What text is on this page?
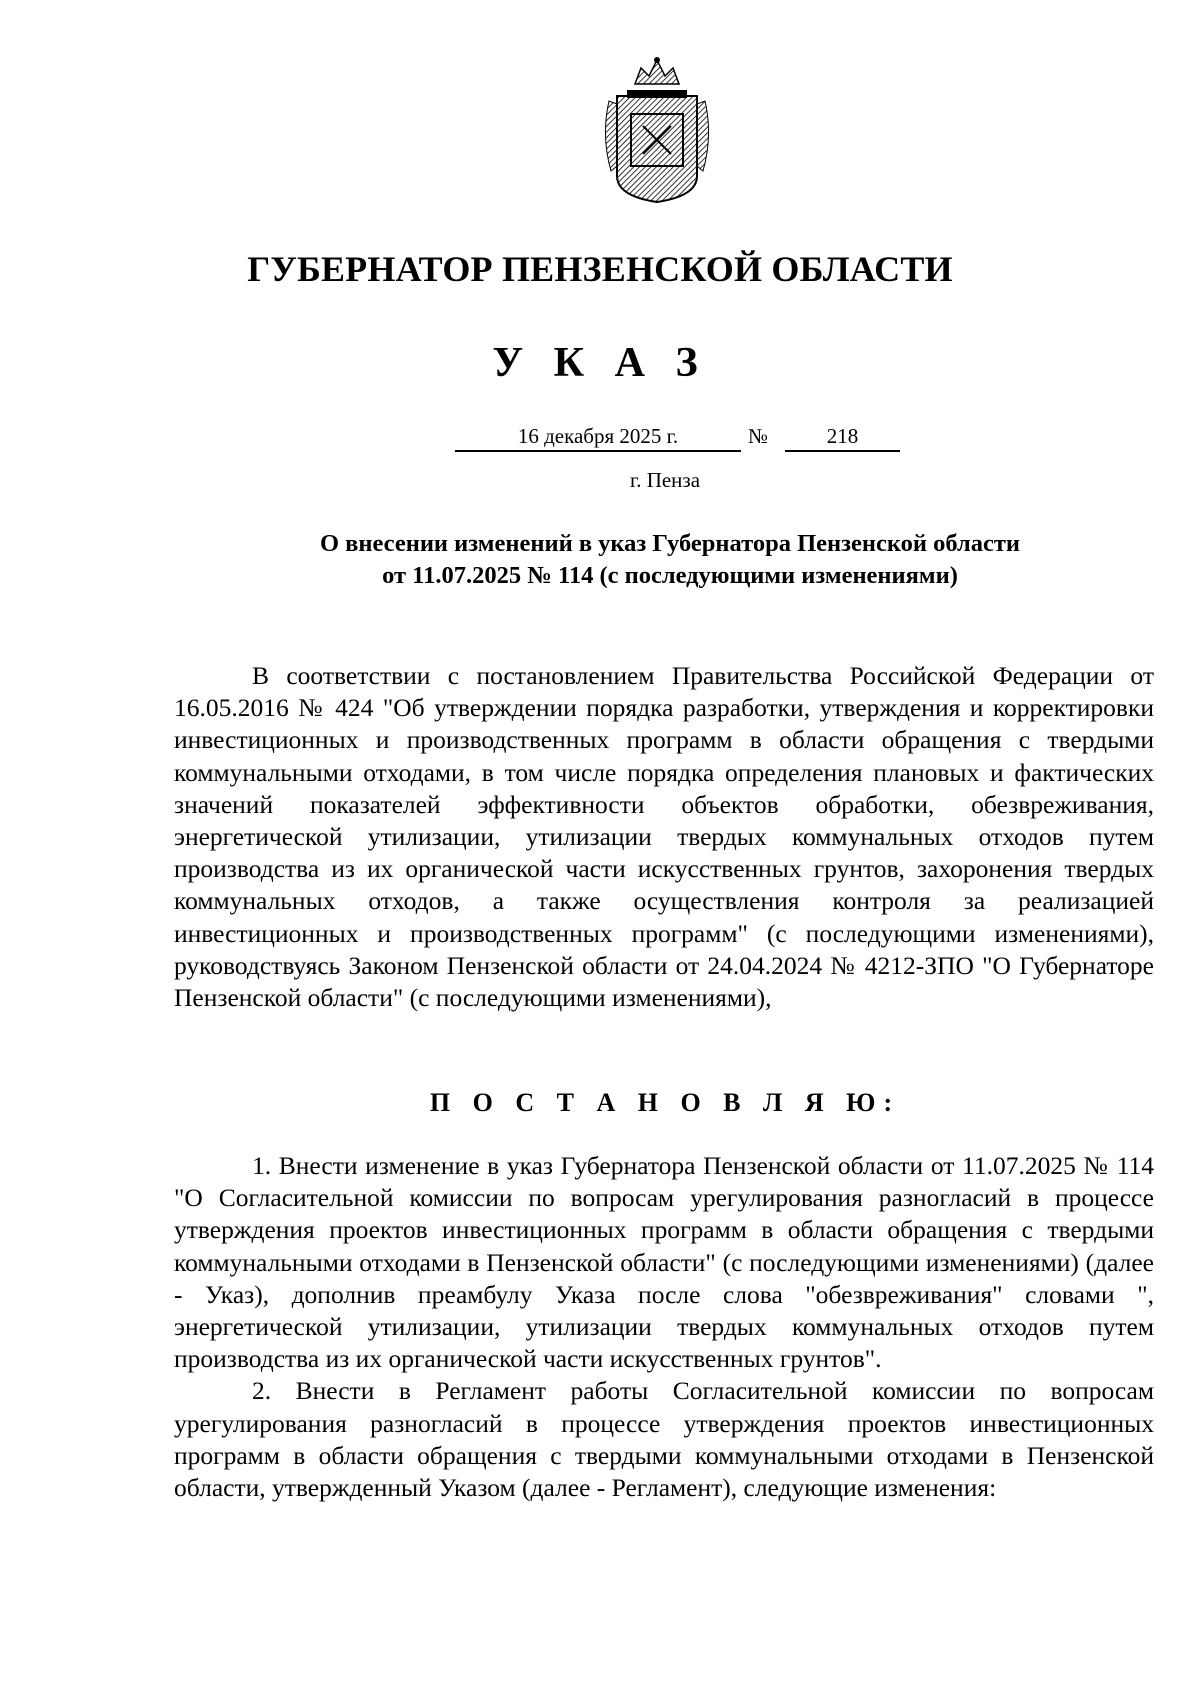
ГУБЕРНАТОР ПЕНЗЕНСКОЙ ОБЛАСТИ
У К А З
16 декабря 2025 г.	№	218
г. Пенза
О внесении изменений в указ Губернатора Пензенской области
от 11.07.2025 № 114 (с последующими изменениями)

В соответствии с постановлением Правительства Российской Федерации от 16.05.2016 № 424 "Об утверждении порядка разработки, утверждения и корректировки инвестиционных и производственных программ в области обращения с твердыми коммунальными отходами, в том числе порядка определения плановых и фактических значений показателей эффективности объектов обработки, обезвреживания, энергетической утилизации, утилизации твердых коммунальных отходов путем производства из их органической части искусственных грунтов, захоронения твердых коммунальных отходов, а также осуществления контроля за реализацией инвестиционных и производственных программ" (с последующими изменениями), руководствуясь Законом Пензенской области от 24.04.2024 № 4212-ЗПО "О Губернаторе Пензенской области" (с последующими изменениями),

П О С Т А Н О В Л Я Ю:

1. Внести изменение в указ Губернатора Пензенской области от 11.07.2025 № 114 "О Согласительной комиссии по вопросам урегулирования разногласий в процессе утверждения проектов инвестиционных программ в области обращения с твердыми коммунальными отходами в Пензенской области" (с последующими изменениями) (далее - Указ), дополнив преамбулу Указа после слова "обезвреживания" словами ", энергетической утилизации, утилизации твердых коммунальных отходов путем производства из их органической части искусственных грунтов".

2. Внести в Регламент работы Согласительной комиссии по вопросам урегулирования разногласий в процессе утверждения проектов инвестиционных программ в области обращения с твердыми коммунальными отходами в Пензенской области, утвержденный Указом (далее - Регламент), следующие изменения:
